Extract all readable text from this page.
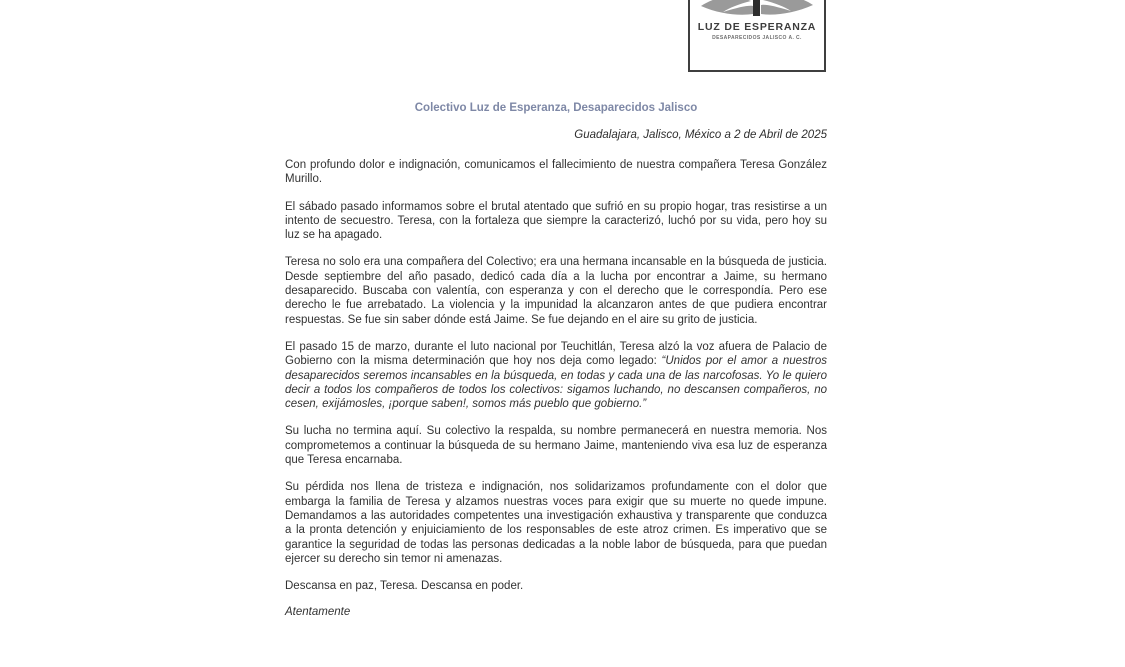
LUZ DE ESPERANZA
DESAPARECIDOS JALISCO A. C.
Colectivo Luz de Esperanza, Desaparecidos Jalisco
Guadalajara, Jalisco, México a 2 de Abril de 2025

Con profundo dolor e indignación, comunicamos el fallecimiento de nuestra compañera Teresa González Murillo.

El sábado pasado informamos sobre el brutal atentado que sufrió en su propio hogar, tras resistirse a un intento de secuestro. Teresa, con la fortaleza que siempre la caracterizó, luchó por su vida, pero hoy su luz se ha apagado.

Teresa no solo era una compañera del Colectivo; era una hermana incansable en la búsqueda de justicia. Desde septiembre del año pasado, dedicó cada día a la lucha por encontrar a Jaime, su hermano desaparecido. Buscaba con valentía, con esperanza y con el derecho que le correspondía. Pero ese derecho le fue arrebatado. La violencia y la impunidad la alcanzaron antes de que pudiera encontrar respuestas. Se fue sin saber dónde está Jaime. Se fue dejando en el aire su grito de justicia.

El pasado 15 de marzo, durante el luto nacional por Teuchitlán, Teresa alzó la voz afuera de Palacio de Gobierno con la misma determinación que hoy nos deja como legado: “Unidos por el amor a nuestros desaparecidos seremos incansables en la búsqueda, en todas y cada una de las narcofosas. Yo le quiero decir a todos los compañeros de todos los colectivos: sigamos luchando, no descansen compañeros, no cesen, exijámosles, ¡porque saben!, somos más pueblo que gobierno.”

Su lucha no termina aquí. Su colectivo la respalda, su nombre permanecerá en nuestra memoria. Nos comprometemos a continuar la búsqueda de su hermano Jaime, manteniendo viva esa luz de esperanza que Teresa encarnaba.

Su pérdida nos llena de tristeza e indignación, nos solidarizamos profundamente con el dolor que embarga la familia de Teresa y alzamos nuestras voces para exigir que su muerte no quede impune. Demandamos a las autoridades competentes una investigación exhaustiva y transparente que conduzca a la pronta detención y enjuiciamiento de los responsables de este atroz crimen. Es imperativo que se garantice la seguridad de todas las personas dedicadas a la noble labor de búsqueda, para que puedan ejercer su derecho sin temor ni amenazas.

Descansa en paz, Teresa. Descansa en poder.

Atentamente
